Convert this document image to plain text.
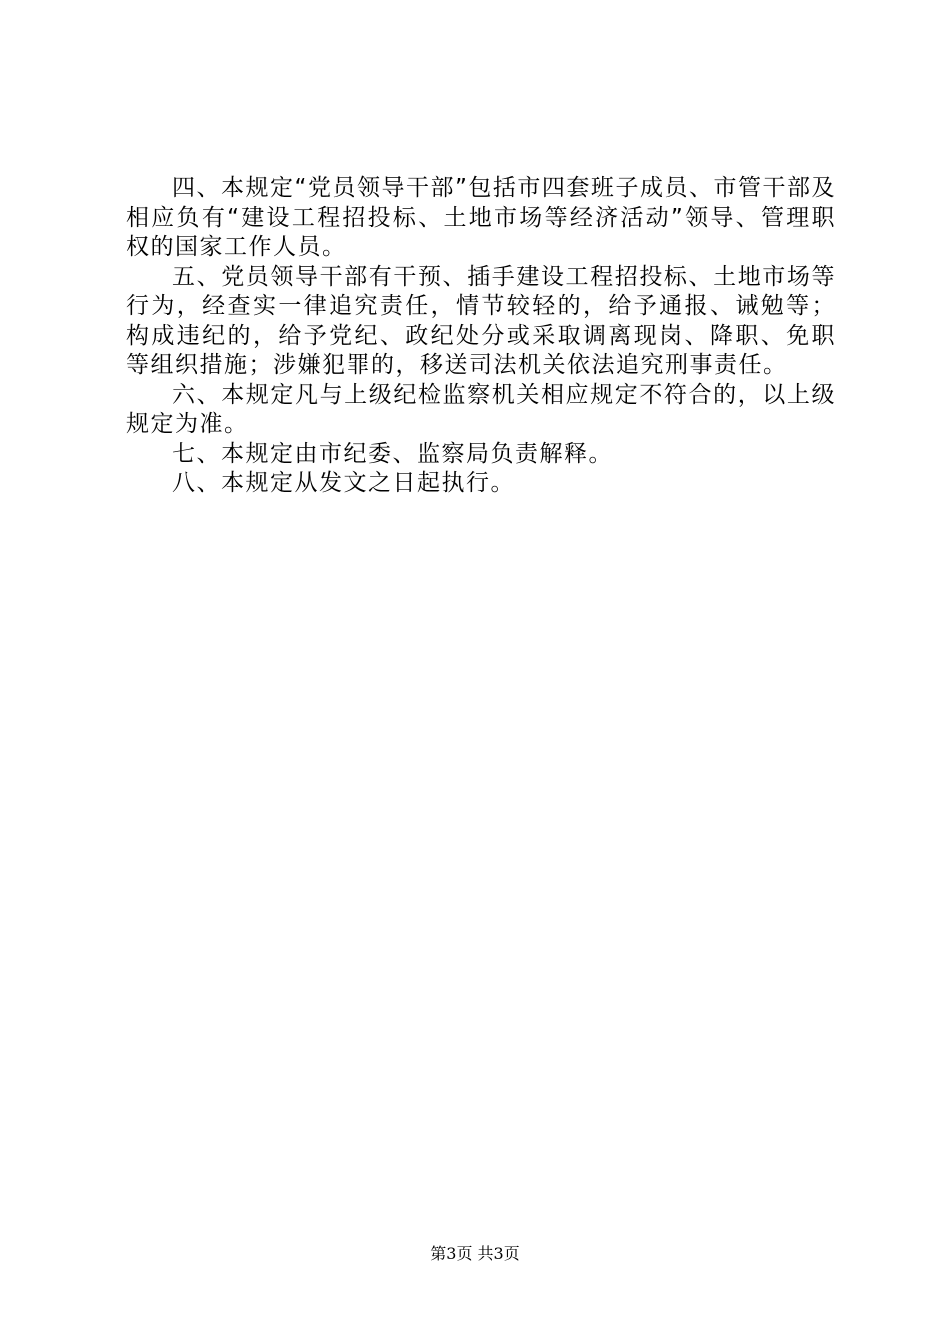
四、本规定“党员领导干部”包括市四套班子成员、市管干部及相应负有“建设工程招投标、土地市场等经济活动”领导、管理职权的国家工作人员。

五、党员领导干部有干预、插手建设工程招投标、土地市场等行为，经查实一律追究责任，情节较轻的，给予通报、诫勉等；构成违纪的，给予党纪、政纪处分或采取调离现岗、降职、免职等组织措施；涉嫌犯罪的，移送司法机关依法追究刑事责任。

六、本规定凡与上级纪检监察机关相应规定不符合的，以上级规定为准。

七、本规定由市纪委、监察局负责解释。

八、本规定从发文之日起执行。

第3页 共3页
